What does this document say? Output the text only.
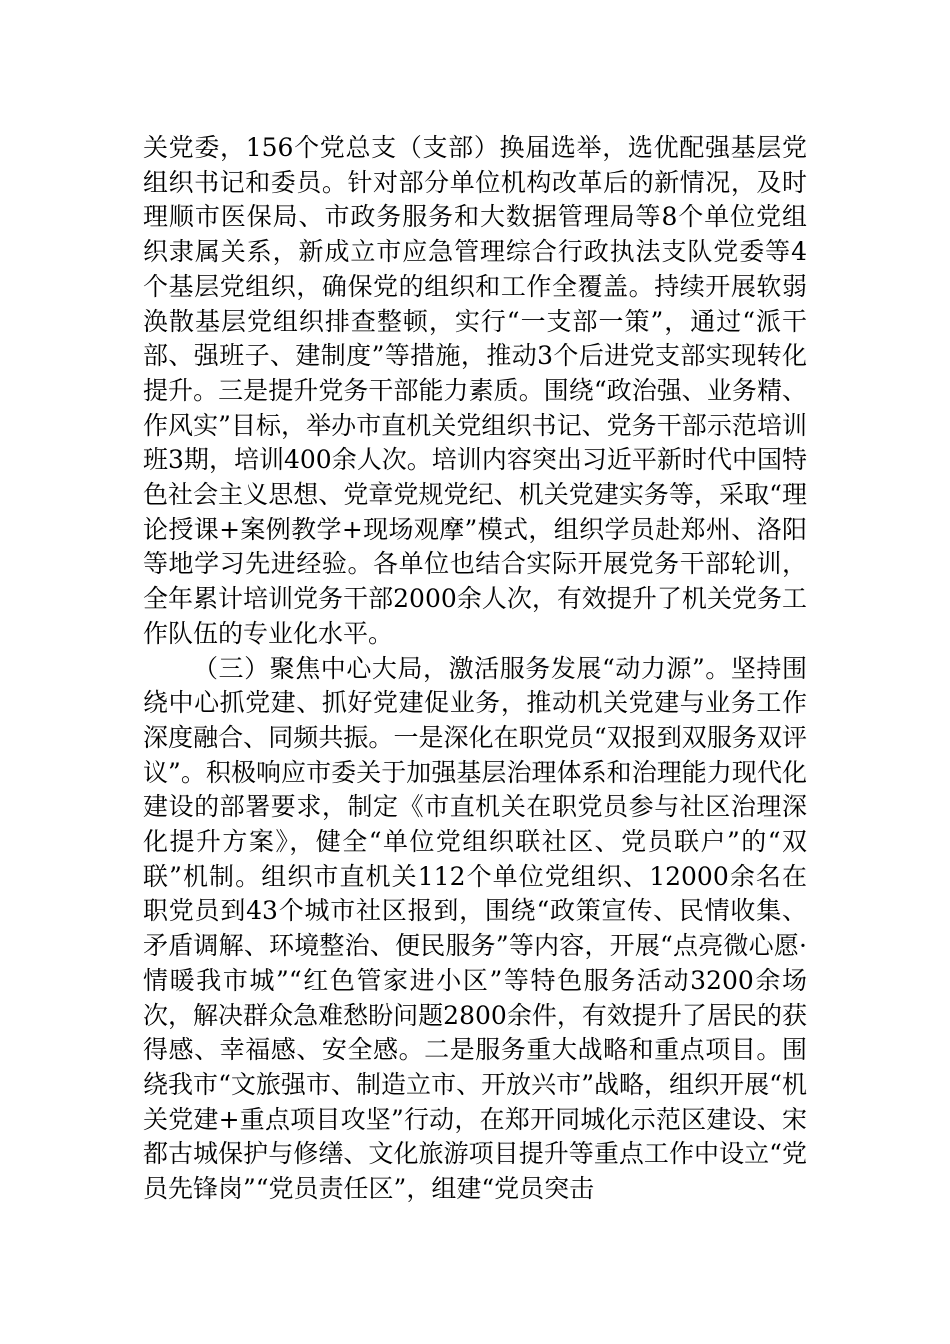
关党委，156个党总支（支部）换届选举，选优配强基层党组织书记和委员。针对部分单位机构改革后的新情况，及时理顺市医保局、市政务服务和大数据管理局等8个单位党组织隶属关系，新成立市应急管理综合行政执法支队党委等4个基层党组织，确保党的组织和工作全覆盖。持续开展软弱涣散基层党组织排查整顿，实行“一支部一策”，通过“派干部、强班子、建制度”等措施，推动3个后进党支部实现转化提升。三是提升党务干部能力素质。围绕“政治强、业务精、作风实”目标，举办市直机关党组织书记、党务干部示范培训班3期，培训400余人次。培训内容突出习近平新时代中国特色社会主义思想、党章党规党纪、机关党建实务等，采取“理论授课+案例教学+现场观摩”模式，组织学员赴郑州、洛阳等地学习先进经验。各单位也结合实际开展党务干部轮训，全年累计培训党务干部2000余人次，有效提升了机关党务工作队伍的专业化水平。

（三）聚焦中心大局，激活服务发展“动力源”。坚持围绕中心抓党建、抓好党建促业务，推动机关党建与业务工作深度融合、同频共振。一是深化在职党员“双报到双服务双评议”。积极响应市委关于加强基层治理体系和治理能力现代化建设的部署要求，制定《市直机关在职党员参与社区治理深化提升方案》，健全“单位党组织联社区、党员联户”的“双联”机制。组织市直机关112个单位党组织、12000余名在职党员到43个城市社区报到，围绕“政策宣传、民情收集、矛盾调解、环境整治、便民服务”等内容，开展“点亮微心愿·情暖我市城”“红色管家进小区”等特色服务活动3200余场次，解决群众急难愁盼问题2800余件，有效提升了居民的获得感、幸福感、安全感。二是服务重大战略和重点项目。围绕我市“文旅强市、制造立市、开放兴市”战略，组织开展“机关党建+重点项目攻坚”行动，在郑开同城化示范区建设、宋都古城保护与修缮、文化旅游项目提升等重点工作中设立“党员先锋岗”“党员责任区”，组建“党员突击
